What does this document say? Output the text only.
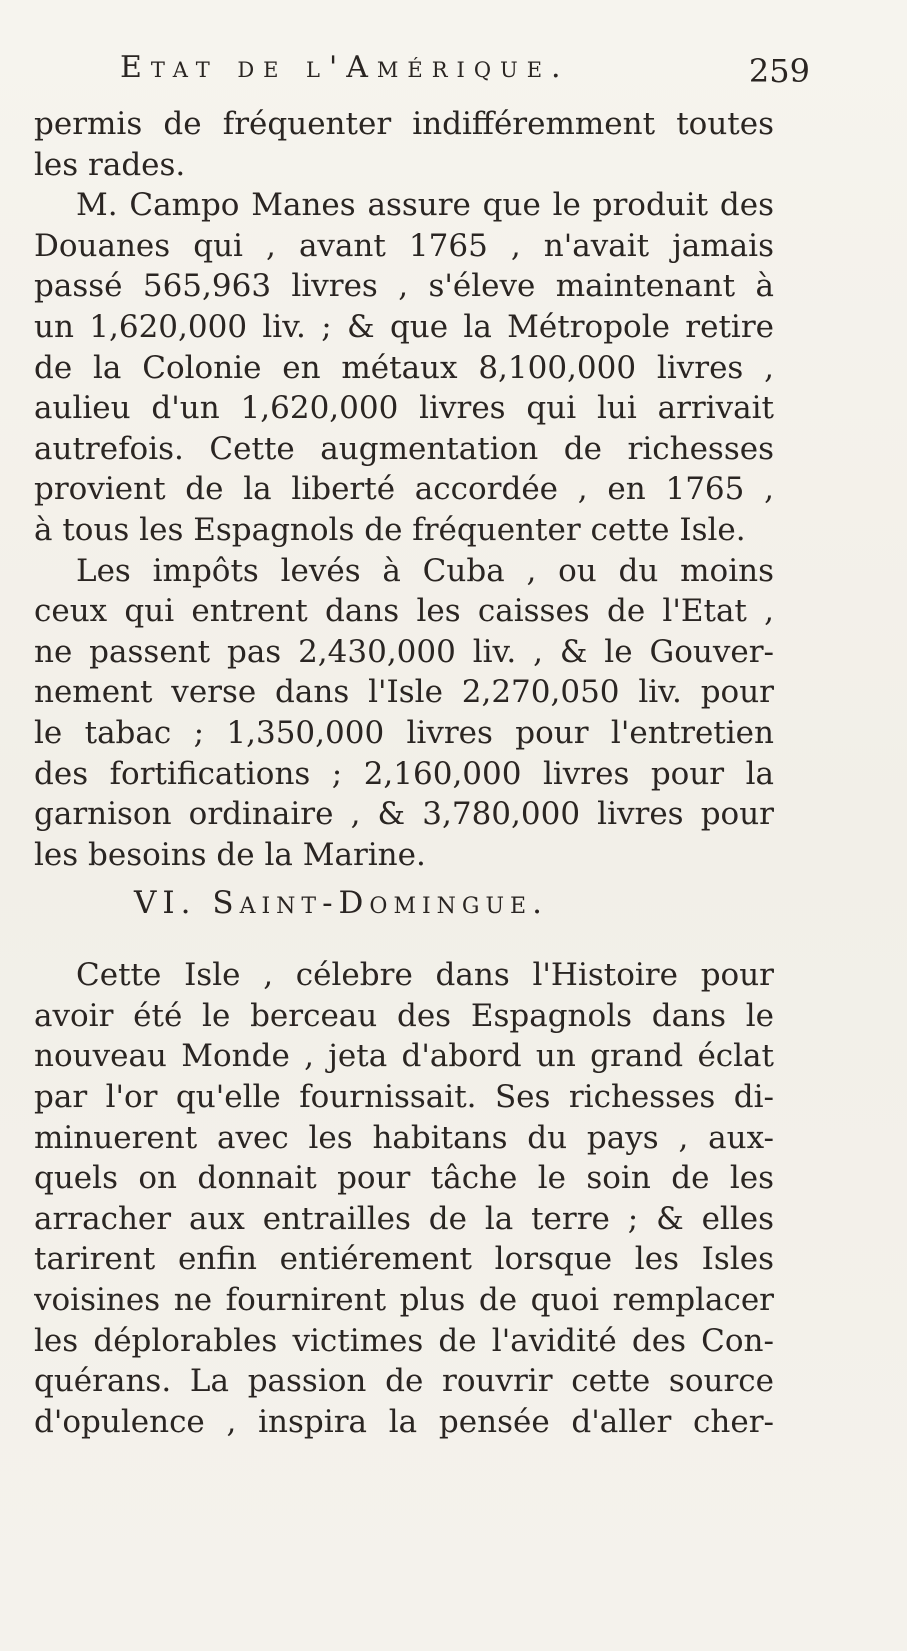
Etat de l'Amérique.	259
permis de fréquenter indifféremment toutes
les rades.
M. Campo Manes assure que le produit des
Douanes qui , avant 1765 , n'avait jamais
passé 565,963 livres , s'éleve maintenant à
un 1,620,000 liv. ; & que la Métropole retire
de la Colonie en métaux 8,100,000 livres ,
aulieu d'un 1,620,000 livres qui lui arrivait
autrefois. Cette augmentation de richesses
provient de la liberté accordée , en 1765 ,
à tous les Espagnols de fréquenter cette Isle.
Les impôts levés à Cuba , ou du moins
ceux qui entrent dans les caisses de l'Etat ,
ne passent pas 2,430,000 liv. , & le Gouver-
nement verse dans l'Isle 2,270,050 liv. pour
le tabac ; 1,350,000 livres pour l'entretien
des fortifications ; 2,160,000 livres pour la
garnison ordinaire , & 3,780,000 livres pour
les besoins de la Marine.
VI. Saint-Domingue.
Cette Isle , célebre dans l'Histoire pour
avoir été le berceau des Espagnols dans le
nouveau Monde , jeta d'abord un grand éclat
par l'or qu'elle fournissait. Ses richesses di-
minuerent avec les habitans du pays , aux-
quels on donnait pour tâche le soin de les
arracher aux entrailles de la terre ; & elles
tarirent enfin entiérement lorsque les Isles
voisines ne fournirent plus de quoi remplacer
les déplorables victimes de l'avidité des Con-
quérans. La passion de rouvrir cette source
d'opulence , inspira la pensée d'aller cher-
